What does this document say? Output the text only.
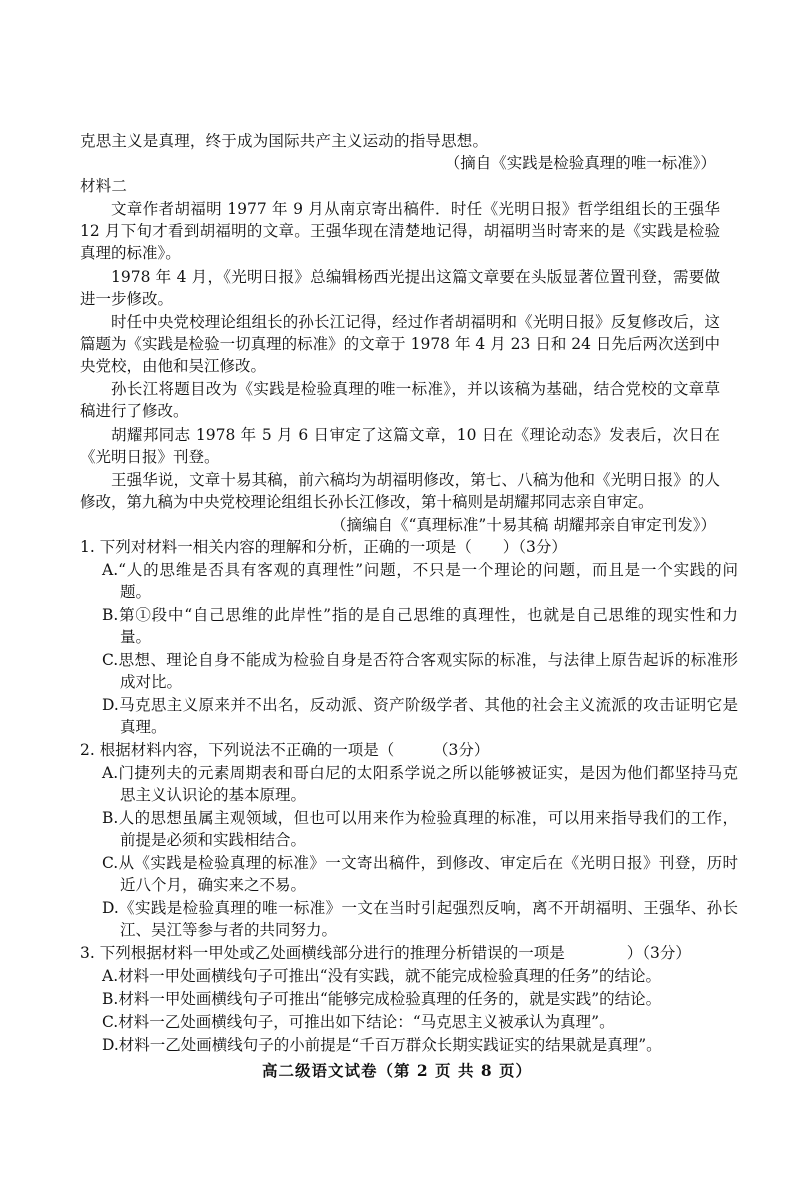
克思主义是真理，终于成为国际共产主义运动的指导思想。
（摘自《实践是检验真理的唯一标准》）
材料二
文章作者胡福明 1977 年 9 月从南京寄出稿件．时任《光明日报》哲学组组长的王强华 12 月下旬才看到胡福明的文章。王强华现在清楚地记得，胡福明当时寄来的是《实践是检验真理的标准》。
1978 年 4 月，《光明日报》总编辑杨西光提出这篇文章要在头版显著位置刊登，需要做进一步修改。
时任中央党校理论组组长的孙长江记得，经过作者胡福明和《光明日报》反复修改后，这篇题为《实践是检验一切真理的标准》的文章于 1978 年 4 月 23 日和 24 日先后两次送到中央党校，由他和吴江修改。
孙长江将题目改为《实践是检验真理的唯一标准》，并以该稿为基础，结合党校的文章草稿进行了修改。
胡耀邦同志 1978 年 5 月 6 日审定了这篇文章，10 日在《理论动态》发表后，次日在《光明日报》刊登。
王强华说，文章十易其稿，前六稿均为胡福明修改，第七、八稿为他和《光明日报》的人修改，第九稿为中央党校理论组组长孙长江修改，第十稿则是胡耀邦同志亲自审定。
（摘编自《“真理标准”十易其稿 胡耀邦亲自审定刊发》）
1. 下列对材料一相关内容的理解和分析，正确的一项是（　　）（3分）
A.“人的思维是否具有客观的真理性”问题，不只是一个理论的问题，而且是一个实践的问题。
B.第①段中“自己思维的此岸性”指的是自己思维的真理性，也就是自己思维的现实性和力量。
C.思想、理论自身不能成为检验自身是否符合客观实际的标准，与法律上原告起诉的标准形成对比。
D.马克思主义原来并不出名，反动派、资产阶级学者、其他的社会主义流派的攻击证明它是真理。
2. 根据材料内容，下列说法不正确的一项是（　　　（3分）
A.门捷列夫的元素周期表和哥白尼的太阳系学说之所以能够被证实，是因为他们都坚持马克思主义认识论的基本原理。
B.人的思想虽属主观领域，但也可以用来作为检验真理的标准，可以用来指导我们的工作，前提是必须和实践相结合。
C.从《实践是检验真理的标准》一文寄出稿件，到修改、审定后在《光明日报》刊登，历时近八个月，确实来之不易。
D.《实践是检验真理的唯一标准》一文在当时引起强烈反响，离不开胡福明、王强华、孙长江、吴江等参与者的共同努力。
3. 下列根据材料一甲处或乙处画横线部分进行的推理分析错误的一项是　　　　）（3分）
A.材料一甲处画横线句子可推出“没有实践，就不能完成检验真理的任务”的结论。
B.材料一甲处画横线句子可推出“能够完成检验真理的任务的，就是实践”的结论。
C.材料一乙处画横线句子，可推出如下结论：“马克思主义被承认为真理”。
D.材料一乙处画横线句子的小前提是“千百万群众长期实践证实的结果就是真理”。
高二级语文试卷（第 2 页 共 8 页）
